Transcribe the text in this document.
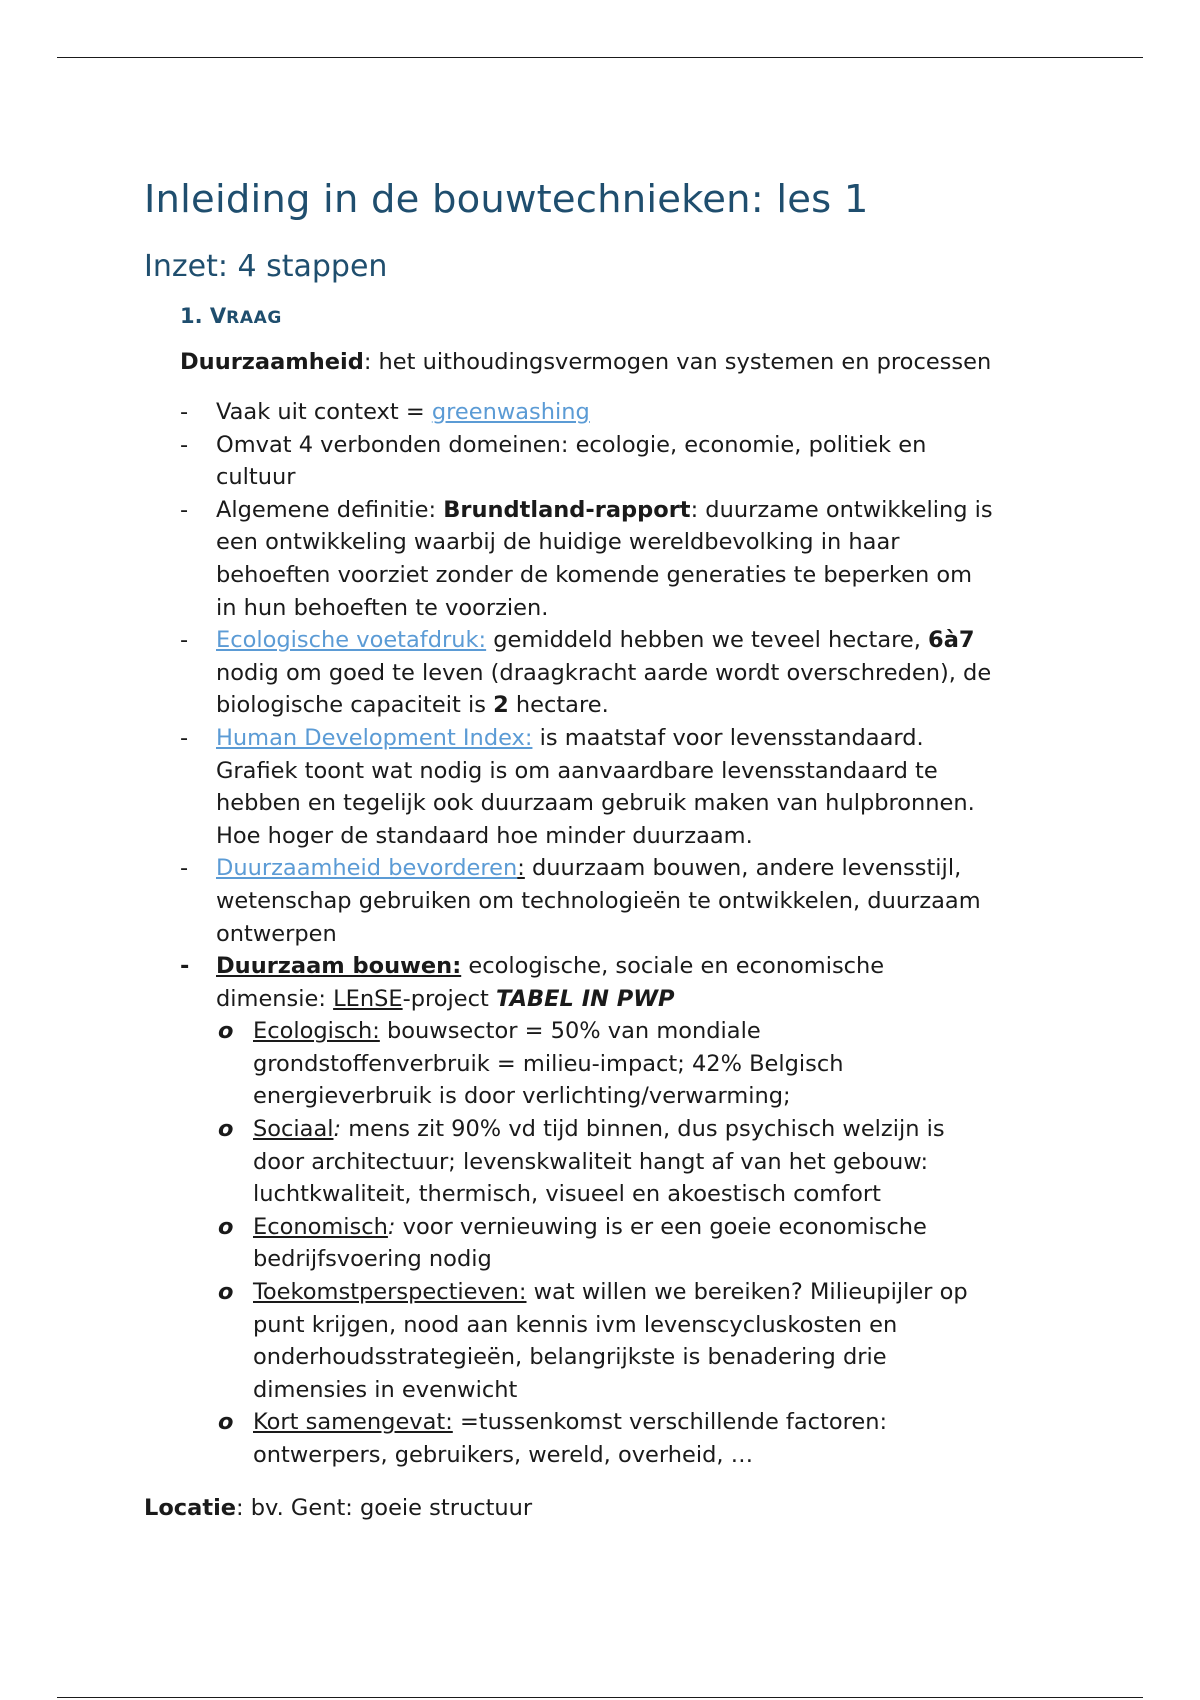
Inleiding in de bouwtechnieken: les 1
Inzet: 4 stappen
1. VRAAG

Duurzaamheid: het uithoudingsvermogen van systemen en processen

-	Vaak uit context = greenwashing
-	Omvat 4 verbonden domeinen: ecologie, economie, politiek en
cultuur
-	Algemene definitie: Brundtland-rapport: duurzame ontwikkeling is
een ontwikkeling waarbij de huidige wereldbevolking in haar
behoeften voorziet zonder de komende generaties te beperken om
in hun behoeften te voorzien.
-	Ecologische voetafdruk: gemiddeld hebben we teveel hectare, 6à7
nodig om goed te leven (draagkracht aarde wordt overschreden), de
biologische capaciteit is 2 hectare.
-	Human Development Index: is maatstaf voor levensstandaard.
Grafiek toont wat nodig is om aanvaardbare levensstandaard te
hebben en tegelijk ook duurzaam gebruik maken van hulpbronnen.
Hoe hoger de standaard hoe minder duurzaam.
-	Duurzaamheid bevorderen: duurzaam bouwen, andere levensstijl,
wetenschap gebruiken om technologieën te ontwikkelen, duurzaam
ontwerpen
-	Duurzaam bouwen: ecologische, sociale en economische
dimensie: LEnSE-project TABEL IN PWP
o Ecologisch: bouwsector = 50% van mondiale
grondstoffenverbruik = milieu-impact; 42% Belgisch
energieverbruik is door verlichting/verwarming;
o Sociaal: mens zit 90% vd tijd binnen, dus psychisch welzijn is
door architectuur; levenskwaliteit hangt af van het gebouw:
luchtkwaliteit, thermisch, visueel en akoestisch comfort
o Economisch: voor vernieuwing is er een goeie economische
bedrijfsvoering nodig
o Toekomstperspectieven: wat willen we bereiken? Milieupijler op
punt krijgen, nood aan kennis ivm levenscycluskosten en
onderhoudsstrategieën, belangrijkste is benadering drie
dimensies in evenwicht
o Kort samengevat: =tussenkomst verschillende factoren:
ontwerpers, gebruikers, wereld, overheid, …

Locatie: bv. Gent: goeie structuur
